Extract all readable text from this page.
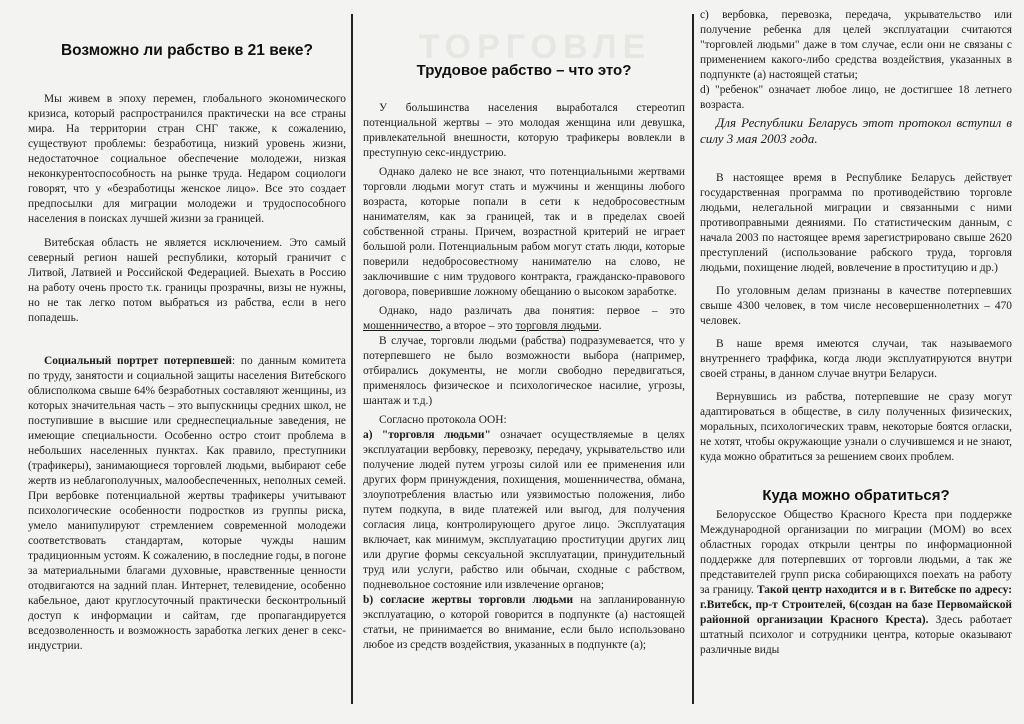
ТОРГОВЛЕ
Возможно ли рабство в 21 веке?

Мы живем в эпоху перемен, глобального экономического кризиса, который распространился практически на все страны мира. На территории стран СНГ также, к сожалению, существуют проблемы: безработица, низкий уровень жизни, недостаточное социальное обеспечение молодежи, низкая неконкурентоспособность на рынке труда. Недаром социологи говорят, что у «безработицы женское лицо». Все это создает предпосылки для миграции молодежи и трудоспособного населения в поисках лучшей жизни за границей.

Витебская область не является исключением. Это самый северный регион нашей республики, который граничит с Литвой, Латвией и Российской Федерацией. Выехать в Россию на работу очень просто т.к. границы прозрачны, визы не нужны, но не так легко потом выбраться из рабства, если в него попадешь.

Социальный портрет потерпевшей: по данным комитета по труду, занятости и социальной защиты населения Витебского облисполкома свыше 64% безработных составляют женщины, из которых значительная часть – это выпускницы средних школ, не поступившие в высшие или среднеспециальные заведения, не имеющие специальности. Особенно остро стоит проблема в небольших населенных пунктах. Как правило, преступники (трафикеры), занимающиеся торговлей людьми, выбирают себе жертв из неблагополучных, малообеспеченных, неполных семей. При вербовке потенциальной жертвы трафикеры учитывают психологические особенности подростков из группы риска, умело манипулируют стремлением современной молодежи соответствовать стандартам, которые чужды нашим традиционным устоям. К сожалению, в последние годы, в погоне за материальными благами духовные, нравственные ценности отодвигаются на задний план. Интернет, телевидение, особенно кабельное, дают круглосуточный практически бесконтрольный доступ к информации и сайтам, где пропагандируется вседозволенность и возможность заработка легких денег в секс-индустрии.

Трудовое рабство – что это?

У большинства населения выработался стереотип потенциальной жертвы – это молодая женщина или девушка, привлекательной внешности, которую трафикеры вовлекли в преступную секс-индустрию.

Однако далеко не все знают, что потенциальными жертвами торговли людьми могут стать и мужчины и женщины любого возраста, которые попали в сети к недобросовестным нанимателям, как за границей, так и в пределах своей собственной страны. Причем, возрастной критерий не играет большой роли. Потенциальным рабом могут стать люди, которые поверили недобросовестному нанимателю на слово, не заключившие с ним трудового контракта, гражданско-правового договора, поверившие ложному обещанию о высоком заработке.

Однако, надо различать два понятия: первое – это мошенничество, а второе – это торговля людьми.

В случае, торговли людьми (рабства) подразумевается, что у потерпевшего не было возможности выбора (например, отбирались документы, не могли свободно передвигаться, применялось физическое и психологическое насилие, угрозы, шантаж и т.д.)

Согласно протокола ООН:

а) "торговля людьми" означает осуществляемые в целях эксплуатации вербовку, перевозку, передачу, укрывательство или получение людей путем угрозы силой или ее применения или других форм принуждения, похищения, мошенничества, обмана, злоупотребления властью или уязвимостью положения, либо путем подкупа, в виде платежей или выгод, для получения согласия лица, контролирующего другое лицо. Эксплуатация включает, как минимум, эксплуатацию проституции других лиц или другие формы сексуальной эксплуатации, принудительный труд или услуги, рабство или обычаи, сходные с рабством, подневольное состояние или извлечение органов;

b) согласие жертвы торговли людьми на запланированную эксплуатацию, о которой говорится в подпункте (а) настоящей статьи, не принимается во внимание, если было использовано любое из средств воздействия, указанных в подпункте (а);

c) вербовка, перевозка, передача, укрывательство или получение ребенка для целей эксплуатации считаются "торговлей людьми" даже в том случае, если они не связаны с применением какого-либо средства воздействия, указанных в подпункте (а) настоящей статьи;

d) "ребенок" означает любое лицо, не достигшее 18 летнего возраста.

Для Республики Беларусь этот протокол вступил в силу 3 мая 2003 года.

В настоящее время в Республике Беларусь действует государственная программа по противодействию торговле людьми, нелегальной миграции и связанными с ними противоправными деяниями. По статистическим данным, с начала 2003 по настоящее время зарегистрировано свыше 2620 преступлений (использование рабского труда, торговля людьми, похищение людей, вовлечение в проституцию и др.)

По уголовным делам признаны в качестве потерпевших свыше 4300 человек, в том числе несовершеннолетних – 470 человек.

В наше время имеются случаи, так называемого внутреннего траффика, когда люди эксплуатируются внутри своей страны, в данном случае внутри Беларуси.

Вернувшись из рабства, потерпевшие не сразу могут адаптироваться в обществе, в силу полученных физических, моральных, психологических травм, некоторые боятся огласки, не хотят, чтобы окружающие узнали о случившемся и не знают, куда можно обратиться за решением своих проблем.

Куда можно обратиться?

Белорусское Общество Красного Креста при поддержке Международной организации по миграции (МОМ) во всех областных городах открыли центры по информационной поддержке для потерпевших от торговли людьми, а так же представителей групп риска собирающихся поехать на работу за границу. Такой центр находится и в г. Витебске по адресу: г.Витебск, пр-т Строителей, 6(создан на базе Первомайской районной организации Красного Креста). Здесь работает штатный психолог и сотрудники центра, которые оказывают различные виды
